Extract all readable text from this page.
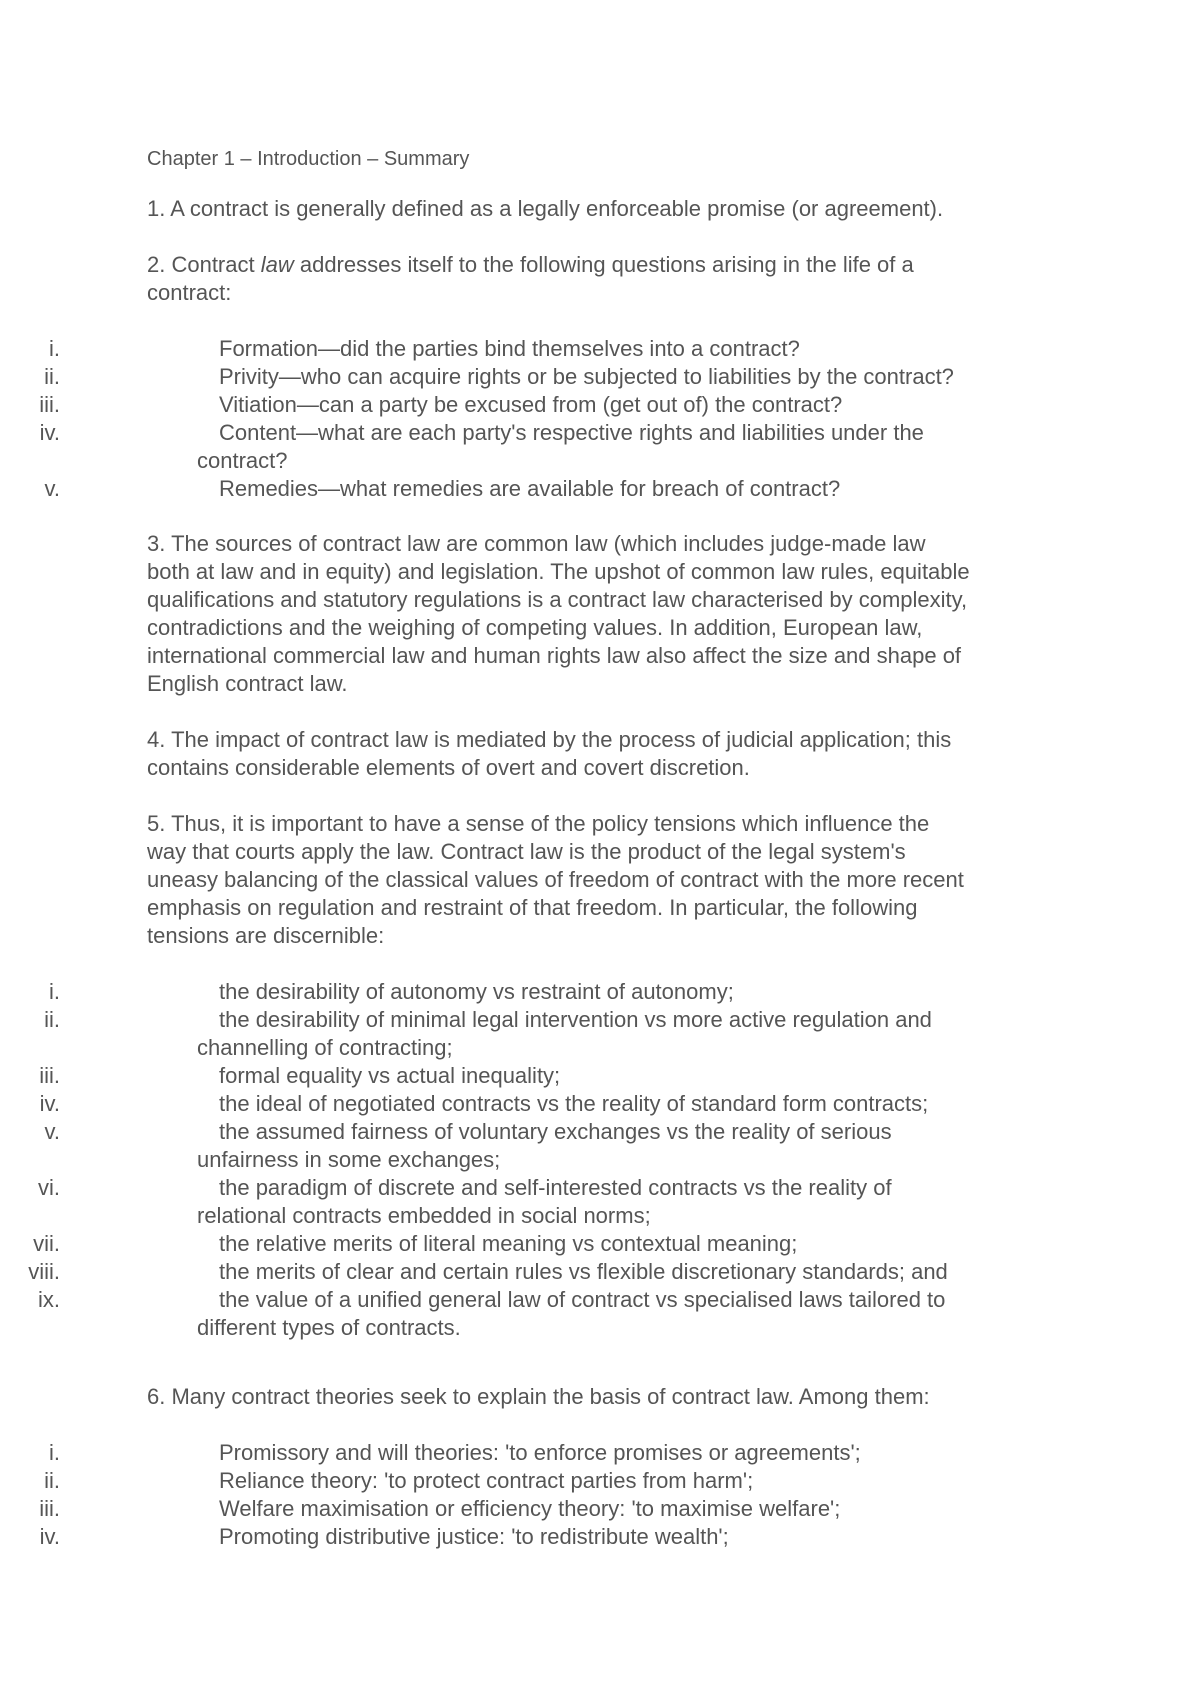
Chapter 1 – Introduction – Summary
1. A contract is generally defined as a legally enforceable promise (or agreement).
2. Contract law addresses itself to the following questions arising in the life of a
contract:
i.	Formation—did the parties bind themselves into a contract?
ii.	Privity—who can acquire rights or be subjected to liabilities by the contract?
iii.	Vitiation—can a party be excused from (get out of) the contract?
iv.	Content—what are each party's respective rights and liabilities under the
contract?
v.	Remedies—what remedies are available for breach of contract?
3. The sources of contract law are common law (which includes judge-made law
both at law and in equity) and legislation. The upshot of common law rules, equitable
qualifications and statutory regulations is a contract law characterised by complexity,
contradictions and the weighing of competing values. In addition, European law,
international commercial law and human rights law also affect the size and shape of
English contract law.
4. The impact of contract law is mediated by the process of judicial application; this
contains considerable elements of overt and covert discretion.
5. Thus, it is important to have a sense of the policy tensions which influence the
way that courts apply the law. Contract law is the product of the legal system's
uneasy balancing of the classical values of freedom of contract with the more recent
emphasis on regulation and restraint of that freedom. In particular, the following
tensions are discernible:
i.	the desirability of autonomy vs restraint of autonomy;
ii.	the desirability of minimal legal intervention vs more active regulation and
channelling of contracting;
iii.	formal equality vs actual inequality;
iv.	the ideal of negotiated contracts vs the reality of standard form contracts;
v.	the assumed fairness of voluntary exchanges vs the reality of serious
unfairness in some exchanges;
vi.	the paradigm of discrete and self-interested contracts vs the reality of
relational contracts embedded in social norms;
vii.	the relative merits of literal meaning vs contextual meaning;
viii.	the merits of clear and certain rules vs flexible discretionary standards; and
ix.	the value of a unified general law of contract vs specialised laws tailored to
different types of contracts.
6. Many contract theories seek to explain the basis of contract law. Among them:
i.	Promissory and will theories: 'to enforce promises or agreements';
ii.	Reliance theory: 'to protect contract parties from harm';
iii.	Welfare maximisation or efficiency theory: 'to maximise welfare';
iv.	Promoting distributive justice: 'to redistribute wealth';
